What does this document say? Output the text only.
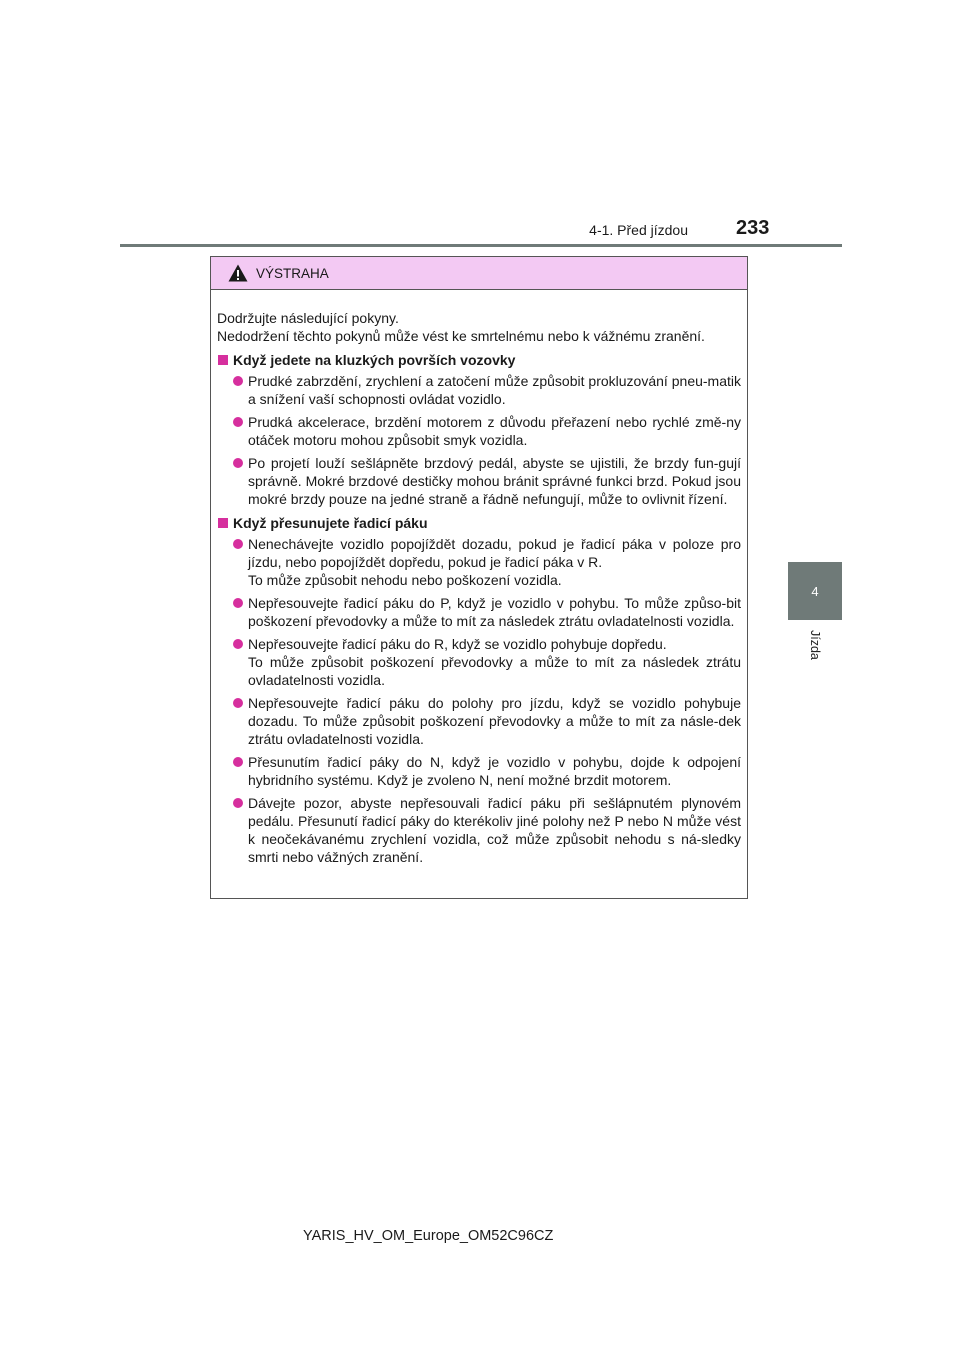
4-1. Před jízdou 233
4
Jízda
VÝSTRAHA

Dodržujte následující pokyny.

Nedodržení těchto pokynů může vést ke smrtelnému nebo k vážnému zranění.

Když jedete na kluzkých površích vozovky
Prudké zabrzdění, zrychlení a zatočení může způsobit prokluzování pneu-matik a snížení vaší schopnosti ovládat vozidlo.
Prudká akcelerace, brzdění motorem z důvodu přeřazení nebo rychlé změ-ny otáček motoru mohou způsobit smyk vozidla.
Po projetí louží sešlápněte brzdový pedál, abyste se ujistili, že brzdy fun-gují správně. Mokré brzdové destičky mohou bránit správné funkci brzd. Pokud jsou mokré brzdy pouze na jedné straně a řádně nefungují, může to ovlivnit řízení.
Když přesunujete řadicí páku
Nenechávejte vozidlo popojíždět dozadu, pokud je řadicí páka v poloze pro jízdu, nebo popojíždět dopředu, pokud je řadicí páka v R.
To může způsobit nehodu nebo poškození vozidla.
Nepřesouvejte řadicí páku do P, když je vozidlo v pohybu. To může způso-bit poškození převodovky a může to mít za následek ztrátu ovladatelnosti vozidla.
Nepřesouvejte řadicí páku do R, když se vozidlo pohybuje dopředu.
To může způsobit poškození převodovky a může to mít za následek ztrátu ovladatelnosti vozidla.
Nepřesouvejte řadicí páku do polohy pro jízdu, když se vozidlo pohybuje dozadu. To může způsobit poškození převodovky a může to mít za násle-dek ztrátu ovladatelnosti vozidla.
Přesunutím řadicí páky do N, když je vozidlo v pohybu, dojde k odpojení hybridního systému. Když je zvoleno N, není možné brzdit motorem.
Dávejte pozor, abyste nepřesouvali řadicí páku při sešlápnutém plynovém pedálu. Přesunutí řadicí páky do kterékoliv jiné polohy než P nebo N může vést k neočekávanému zrychlení vozidla, což může způsobit nehodu s ná-sledky smrti nebo vážných zranění.
YARIS_HV_OM_Europe_OM52C96CZ
